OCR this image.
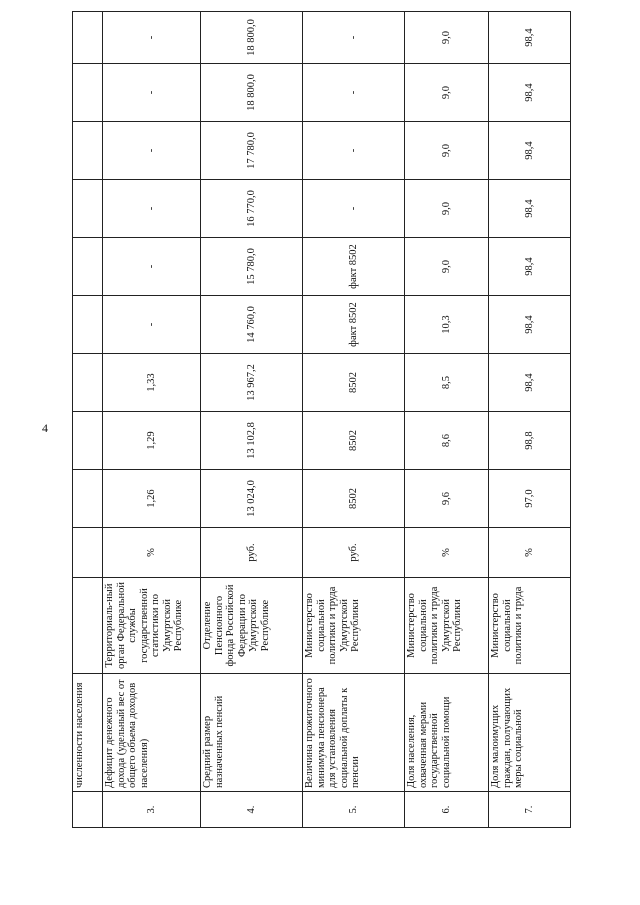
4
	численности населения											
3.	Дефицит денежного дохода (удельный вес от общего объема доходов населения)	Территориаль-ный орган Федеральной службы государственной статистики по Удмуртской Республике	%	1,26	1,29	1,33	-	-	-	-	-	-
4.	Средний размер назначенных пенсий	Отделение Пенсионного фонда Российской Федерации по Удмуртской Республике	руб.	13 024,0	13 102,8	13 967,2	14 760,0	15 780,0	16 770,0	17 780,0	18 800,0	18 800,0
5.	Величина прожиточного минимума пенсионера для установления социальной доплаты к пенсии	Министерство социальной политики и труда Удмуртской Республики	руб.	8502	8502	8502	факт 8502	факт 8502	-	-	-	-
6.	Доля населения, охваченная мерами государственной социальной помощи	Министерство социальной политики и труда Удмуртской Республики	%	9,6	8,6	8,5	10,3	9,0	9,0	9,0	9,0	9,0
7.	Доля малоимущих граждан, получающих меры социальной	Министерство социальной политики и труда	%	97,0	98,8	98,4	98,4	98,4	98,4	98,4	98,4	98,4
